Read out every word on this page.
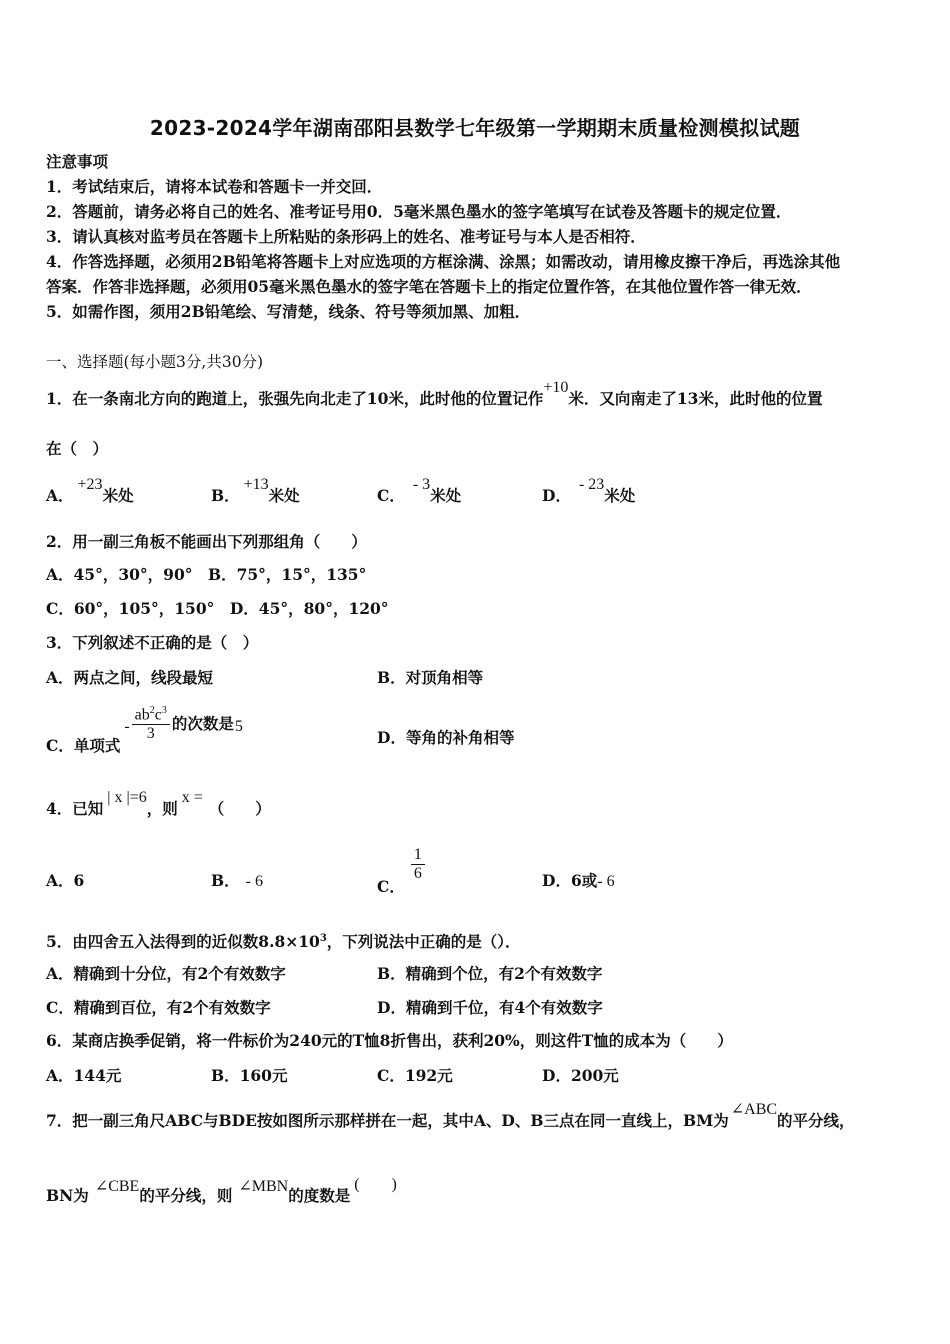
2023-2024学年湖南邵阳县数学七年级第一学期期末质量检测模拟试题
注意事项
1．考试结束后，请将本试卷和答题卡一并交回．
2．答题前，请务必将自己的姓名、准考证号用0．5毫米黑色墨水的签字笔填写在试卷及答题卡的规定位置．
3．请认真核对监考员在答题卡上所粘贴的条形码上的姓名、准考证号与本人是否相符．
4．作答选择题，必须用2B铅笔将答题卡上对应选项的方框涂满、涂黑；如需改动，请用橡皮擦干净后，再选涂其他
答案．作答非选择题，必须用05毫米黑色墨水的签字笔在答题卡上的指定位置作答，在其他位置作答一律无效．
5．如需作图，须用2B铅笔绘、写清楚，线条、符号等须加黑、加粗．
一、选择题(每小题3分,共30分)
1．在一条南北方向的跑道上，张强先向北走了10米，此时他的位置记作+10米．又向南走了13米，此时他的位置
在（　）
A．+23米处	B．+13米处	C．- 3米处	D．- 23米处
2．用一副三角板不能画出下列那组角（　　）
A．45°，30°，90°　B．75°，15°，135°
C．60°，105°，150°　D．45°，80°，120°
3．下列叙述不正确的是（　）
A．两点之间，线段最短	B．对顶角相等
C．单项式- $\frac{ab^2c^3}{3}$ 的次数是5
D．等角的补角相等
4．已知| x |=6，则x =（　　）
A．6	B． - 6	C．
$\frac{1}{6}$	D．6或- 6
5．由四舍五入法得到的近似数$8.8\times 10^3$，下列说法中正确的是（）．
A．精确到十分位，有2个有效数字	B．精确到个位，有2个有效数字
C．精确到百位，有2个有效数字	D．精确到千位，有4个有效数字
6．某商店换季促销，将一件标价为240元的T恤8折售出，获利20%，则这件T恤的成本为（　　）
A．144元	B．160元	C．192元	D．200元
7．把一副三角尺ABC与BDE按如图所示那样拼在一起，其中A、D、B三点在同一直线上，BM为∠ABC的平分线，
BN为 ∠CBE的平分线，则 ∠MBN的度数是(　　)
